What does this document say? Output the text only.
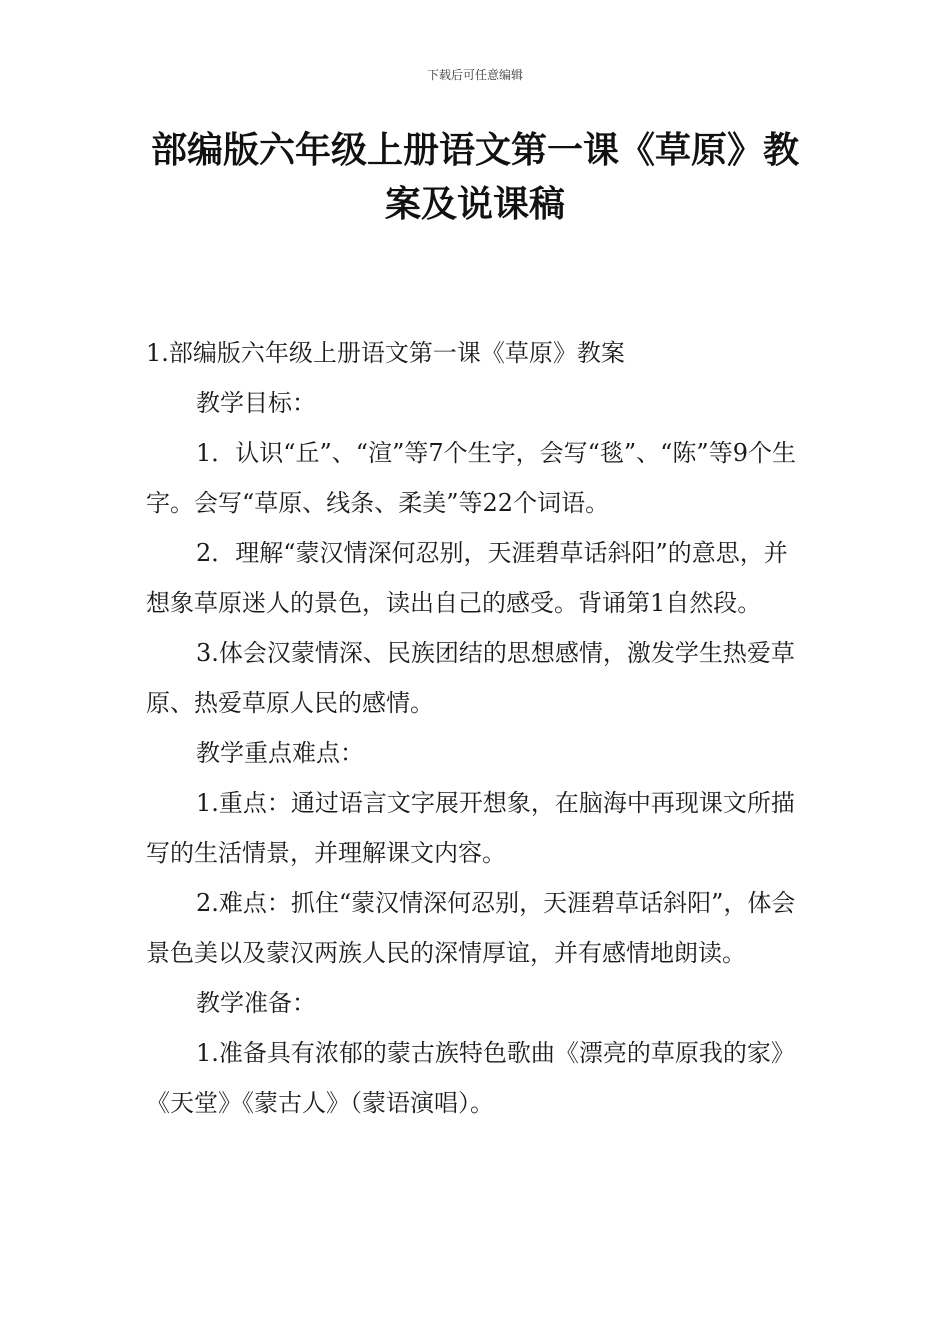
下载后可任意编辑
部编版六年级上册语文第一课《草原》教
案及说课稿

1.部编版六年级上册语文第一课《草原》教案

教学目标：

1．认识“丘”、“渲”等7个生字，会写“毯”、“陈”等9个生字。会写“草原、线条、柔美”等22个词语。

2．理解“蒙汉情深何忍别，天涯碧草话斜阳”的意思，并想象草原迷人的景色，读出自己的感受。背诵第1自然段。

3.体会汉蒙情深、民族团结的思想感情，激发学生热爱草原、热爱草原人民的感情。

教学重点难点：

1.重点：通过语言文字展开想象，在脑海中再现课文所描写的生活情景，并理解课文内容。

2.难点：抓住“蒙汉情深何忍别，天涯碧草话斜阳”，体会景色美以及蒙汉两族人民的深情厚谊，并有感情地朗读。

教学准备：

1.准备具有浓郁的蒙古族特色歌曲《漂亮的草原我的家》《天堂》《蒙古人》（蒙语演唱）。
